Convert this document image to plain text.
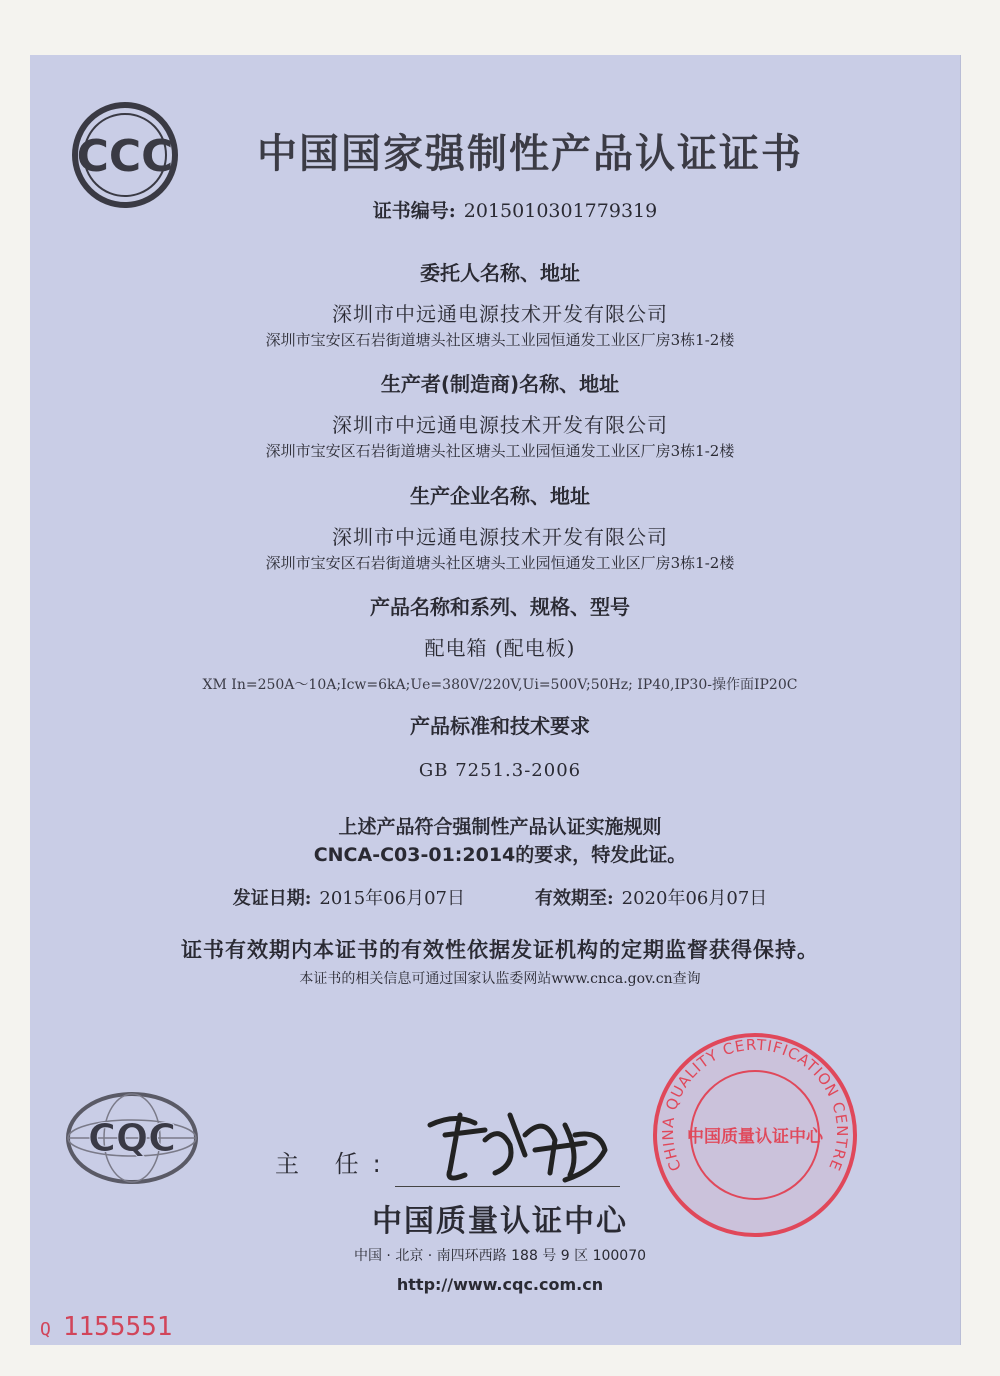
CCC	中国国家强制性产品认证证书
证书编号: 2015010301779319
委托人名称、地址
深圳市中远通电源技术开发有限公司
深圳市宝安区石岩街道塘头社区塘头工业园恒通发工业区厂房3栋1-2楼
生产者(制造商)名称、地址
深圳市中远通电源技术开发有限公司
深圳市宝安区石岩街道塘头社区塘头工业园恒通发工业区厂房3栋1-2楼
生产企业名称、地址
深圳市中远通电源技术开发有限公司
深圳市宝安区石岩街道塘头社区塘头工业园恒通发工业区厂房3栋1-2楼
产品名称和系列、规格、型号
配电箱 (配电板)
XM In=250A～10A;Icw=6kA;Ue=380V/220V,Ui=500V;50Hz; IP40,IP30-操作面IP20C
产品标准和技术要求
GB 7251.3-2006
上述产品符合强制性产品认证实施规则
CNCA-C03-01:2014的要求，特发此证。
发证日期: 2015年06月07日	有效期至: 2020年06月07日
证书有效期内本证书的有效性依据发证机构的定期监督获得保持。
本证书的相关信息可通过国家认监委网站www.cnca.gov.cn查询
CQC
主 任:
中国质量认证中心
中国 · 北京 · 南四环西路 188 号 9 区 100070
http://www.cqc.com.cn
CHINA QUALITY CERTIFICATION CENTRE
中国质量认证中心
Q 1155551
